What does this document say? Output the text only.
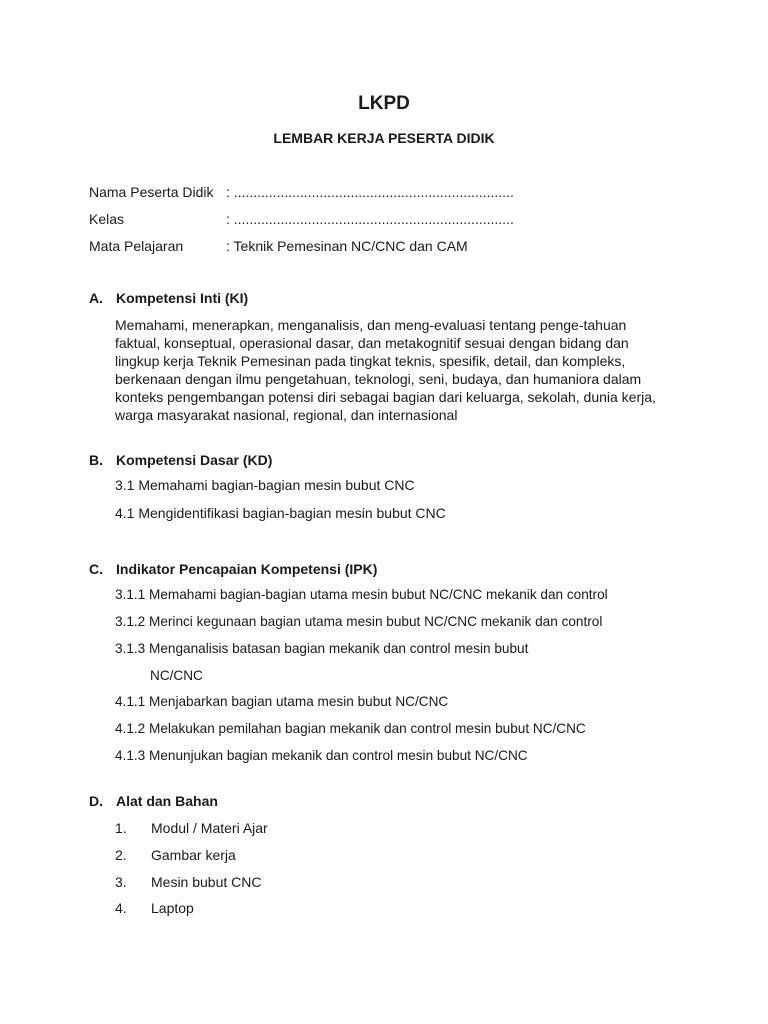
LKPD
LEMBAR KERJA PESERTA DIDIK
Nama Peserta Didik : ........................................................................
Kelas	: ........................................................................
Mata Pelajaran	: Teknik Pemesinan NC/CNC dan CAM
A. Kompetensi Inti (KI)
Memahami, menerapkan, menganalisis, dan meng-evaluasi tentang penge-tahuan faktual, konseptual, operasional dasar, dan metakognitif sesuai dengan bidang dan lingkup kerja Teknik Pemesinan pada tingkat teknis, spesifik, detail, dan kompleks, berkenaan dengan ilmu pengetahuan, teknologi, seni, budaya, dan humaniora dalam konteks pengembangan potensi diri sebagai bagian dari keluarga, sekolah, dunia kerja, warga masyarakat nasional, regional, dan internasional
B. Kompetensi Dasar (KD)
3.1 Memahami bagian-bagian mesin bubut CNC
4.1 Mengidentifikasi bagian-bagian mesin bubut CNC
C. Indikator Pencapaian Kompetensi (IPK)
3.1.1 Memahami bagian-bagian utama mesin bubut NC/CNC mekanik dan control
3.1.2 Merinci kegunaan bagian utama mesin bubut NC/CNC mekanik dan control
3.1.3 Menganalisis batasan bagian mekanik dan control mesin bubut
NC/CNC
4.1.1 Menjabarkan bagian utama mesin bubut NC/CNC
4.1.2 Melakukan pemilahan bagian mekanik dan control mesin bubut NC/CNC
4.1.3 Menunjukan bagian mekanik dan control mesin bubut NC/CNC
D. Alat dan Bahan
1. Modul / Materi Ajar
2. Gambar kerja
3. Mesin bubut CNC
4. Laptop
